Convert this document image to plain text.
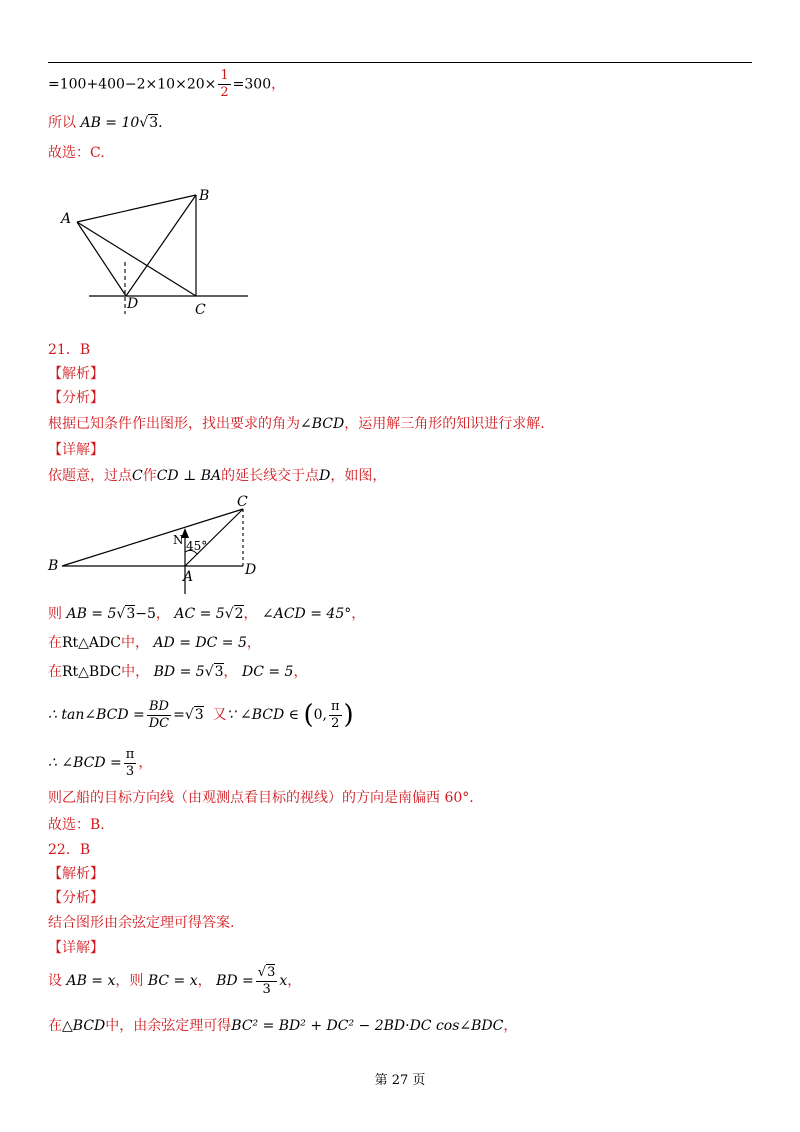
$=100+400-2\times 10\times 20\times \frac{1}{2} =300$，
所以 AB = 10√3.
故选：C.
A
B
C
D
21．B
【解析】
【分析】
根据已知条件作出图形，找出要求的角为∠BCD，运用解三角形的知识进行求解.
【详解】
依题意，过点C作CD ⊥ BA的延长线交于点D，如图，
B
A
C
D
N 45°
则 AB = 5√3−5， AC = 5√2， ∠ACD = 45°，
在Rt△ADC中， AD = DC = 5，
在Rt△BDC中， BD = 5√3， DC = 5，
∴ tan∠BCD = $\frac{BD}{DC} =√3$ 又∵ ∠BCD ∈ (0, $\frac{\pi}{2}$ )
∴ ∠BCD = $\frac{\pi}{3}$ ，
则乙船的目标方向线（由观测点看目标的视线）的方向是南偏西 60°.
故选：B.
22．B
【解析】
【分析】
结合图形由余弦定理可得答案.
【详解】
设 AB = x，则 BC = x， BD = $\frac{√3}{3}$ x，
在△BCD中，由余弦定理可得BC² = BD² + DC² − 2BD·DC cos∠BDC，
第 27 页
